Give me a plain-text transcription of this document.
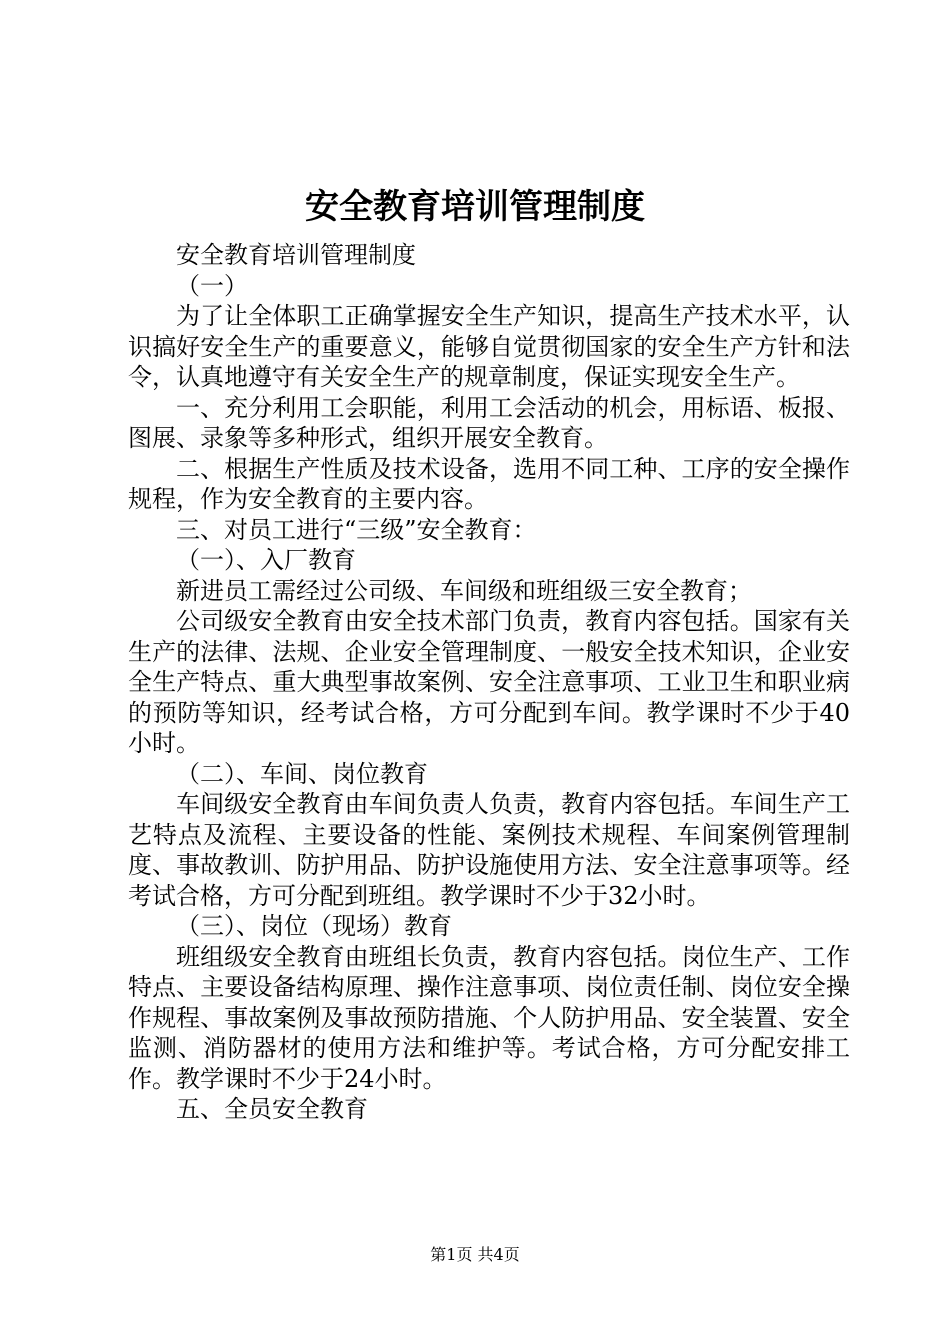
安全教育培训管理制度

安全教育培训管理制度

（一）

为了让全体职工正确掌握安全生产知识，提高生产技术水平，认识搞好安全生产的重要意义，能够自觉贯彻国家的安全生产方针和法令，认真地遵守有关安全生产的规章制度，保证实现安全生产。

一、充分利用工会职能，利用工会活动的机会，用标语、板报、图展、录象等多种形式，组织开展安全教育。

二、根据生产性质及技术设备，选用不同工种、工序的安全操作规程，作为安全教育的主要内容。

三、对员工进行“三级”安全教育：

（一）、入厂教育

新进员工需经过公司级、车间级和班组级三安全教育；

公司级安全教育由安全技术部门负责，教育内容包括。国家有关生产的法律、法规、企业安全管理制度、一般安全技术知识，企业安全生产特点、重大典型事故案例、安全注意事项、工业卫生和职业病的预防等知识，经考试合格，方可分配到车间。教学课时不少于40小时。

（二）、车间、岗位教育

车间级安全教育由车间负责人负责，教育内容包括。车间生产工艺特点及流程、主要设备的性能、案例技术规程、车间案例管理制度、事故教训、防护用品、防护设施使用方法、安全注意事项等。经考试合格，方可分配到班组。教学课时不少于32小时。

（三）、岗位（现场）教育

班组级安全教育由班组长负责，教育内容包括。岗位生产、工作特点、主要设备结构原理、操作注意事项、岗位责任制、岗位安全操作规程、事故案例及事故预防措施、个人防护用品、安全装置、安全监测、消防器材的使用方法和维护等。考试合格，方可分配安排工作。教学课时不少于24小时。

五、全员安全教育

第1页 共4页
